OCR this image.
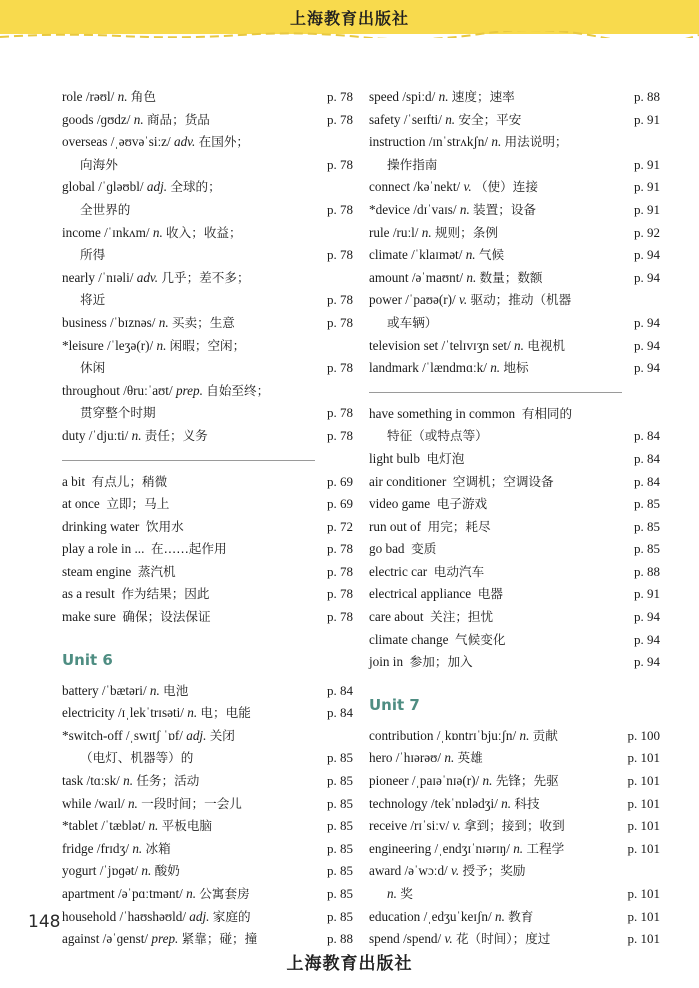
上海教育出版社
role /rəʊl/ n. 角色	p. 78
goods /ɡʊdz/ n. 商品；货品	p. 78
overseas /ˌəʊvəˈsiːz/ adv. 在国外；
向海外	p. 78
global /ˈɡləʊbl/ adj. 全球的；
全世界的	p. 78
income /ˈɪnkʌm/ n. 收入；收益；
所得	p. 78
nearly /ˈnɪəli/ adv. 几乎；差不多；
将近	p. 78
business /ˈbɪznəs/ n. 买卖；生意	p. 78
*leisure /ˈleʒə(r)/ n. 闲暇；空闲；
休闲	p. 78
throughout /θruːˈaʊt/ prep. 自始至终；
贯穿整个时期	p. 78
duty /ˈdjuːti/ n. 责任；义务	p. 78
a bit 有点儿；稍微	p. 69
at once 立即；马上	p. 69
drinking water 饮用水	p. 72
play a role in ... 在……起作用	p. 78
steam engine 蒸汽机	p. 78
as a result 作为结果；因此	p. 78
make sure 确保；设法保证	p. 78
Unit 6
battery /ˈbætəri/ n. 电池	p. 84
electricity /ɪˌlekˈtrɪsəti/ n. 电；电能	p. 84
*switch-off /ˌswɪtʃ ˈɒf/ adj. 关闭
（电灯、机器等）的	p. 85
task /tɑːsk/ n. 任务；活动	p. 85
while /waɪl/ n. 一段时间；一会儿	p. 85
*tablet /ˈtæblət/ n. 平板电脑	p. 85
fridge /frɪdʒ/ n. 冰箱	p. 85
yogurt /ˈjɒɡət/ n. 酸奶	p. 85
apartment /əˈpɑːtmənt/ n. 公寓套房	p. 85
household /ˈhaʊshəʊld/ adj. 家庭的	p. 85
against /əˈɡenst/ prep. 紧靠；碰；撞	p. 88
speed /spiːd/ n. 速度；速率	p. 88
safety /ˈseɪfti/ n. 安全；平安	p. 91
instruction /ɪnˈstrʌkʃn/ n. 用法说明；
操作指南	p. 91
connect /kəˈnekt/ v. （使）连接	p. 91
*device /dɪˈvaɪs/ n. 装置；设备	p. 91
rule /ruːl/ n. 规则；条例	p. 92
climate /ˈklaɪmət/ n. 气候	p. 94
amount /əˈmaʊnt/ n. 数量；数额	p. 94
power /ˈpaʊə(r)/ v. 驱动；推动（机器
或车辆）	p. 94
television set /ˈtelɪvɪʒn set/ n. 电视机	p. 94
landmark /ˈlændmɑːk/ n. 地标	p. 94
have something in common 有相同的
特征（或特点等）	p. 84
light bulb 电灯泡	p. 84
air conditioner 空调机；空调设备	p. 84
video game 电子游戏	p. 85
run out of 用完；耗尽	p. 85
go bad 变质	p. 85
electric car 电动汽车	p. 88
electrical appliance 电器	p. 91
care about 关注；担忧	p. 94
climate change 气候变化	p. 94
join in 参加；加入	p. 94
Unit 7
contribution /ˌkɒntrɪˈbjuːʃn/ n. 贡献	p. 100
hero /ˈhɪərəʊ/ n. 英雄	p. 101
pioneer /ˌpaɪəˈnɪə(r)/ n. 先锋；先驱	p. 101
technology /tekˈnɒlədʒi/ n. 科技	p. 101
receive /rɪˈsiːv/ v. 拿到；接到；收到	p. 101
engineering /ˌendʒɪˈnɪərɪŋ/ n. 工程学	p. 101
award /əˈwɔːd/ v. 授予；奖励
n. 奖	p. 101
education /ˌedʒuˈkeɪʃn/ n. 教育	p. 101
spend /spend/ v. 花（时间）；度过	p. 101
148
上海教育出版社
